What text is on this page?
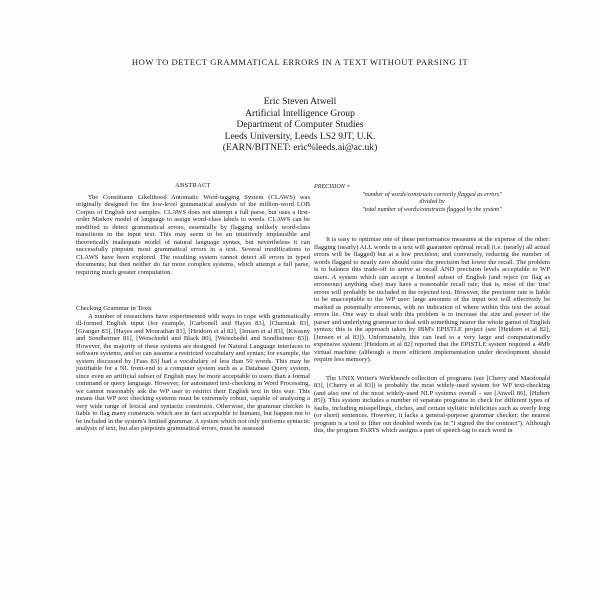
HOW TO DETECT GRAMMATICAL ERRORS IN A TEXT WITHOUT PARSING IT
Eric Steven Atwell
Artificial Intelligence Group
Department of Computer Studies
Leeds University, Leeds LS2 9JT, U.K.
(EARN/BITNET: eric%leeds.ai@ac.uk)
ABSTRACT

The Constituent Likelihood Automatic Word-tagging System (CLAWS) was originally designed for the low-level grammatical analysis of the million-word LOB Corpus of English text samples. CLAWS does not attempt a full parse, but uses a first-order Markov model of language to assign word-class labels to words. CLAWS can be modified to detect grammatical errors, essentially by flagging unlikely word-class transitions in the input text. This may seem to be an intuitively implausible and theoretically inadequate model of natural language syntax, but nevertheless it can successfully pinpoint most grammatical errors in a text. Several modifications to CLAWS have been explored. The resulting system cannot detect all errors in typed documents; but then neither do far more complex systems, which attempt a full parse, requiring much greater computation.

Checking Grammar in Texts

A number of researchers have experimented with ways to cope with grammatically ill-formed English input (for example, [Carbonell and Hayes 83], [Charniak 83], [Granger 83], [Hayes and Mouradian 81], [Heidorn et al 82], [Jensen et al 83], [Kwasny and Sondheimer 81], [Weischedel and Black 80], [Weischedel and Sondheimer 83]). However, the majority of these systems are designed for Natural Language interfaces to software systems, and so can assume a restricted vocabulary and syntax; for example, the system discussed by [Fass 83] had a vocabulary of less than 50 words. This may be justifiable for a NL front-end to a computer system such as a Database Query system, since even an artificial subset of English may be more acceptable to users than a formal command or query language. However, for automated text-checking in Word Processing, we cannot reasonably ask the WP user to restrict their English text in this way. This means that WP text checking systems must be extremely robust, capable of analysing a very wide range of lexical and syntactic constructs. Otherwise, the grammar checker is liable to flag many constructs which are in fact acceptable to humans, but happen not to be included in the system's limited grammar. A system which not only performs syntactic analysis of text, but also pinpoints grammatical errors, must be assessed

PRECISION =
"number of words/constructs correctly flagged as errors"
divided by
"total number of words/constructs flagged by the system"

It is easy to optimise one of these performance measures at the expense of the other: flagging (nearly) ALL words in a text will guarantee optimal recall (i.e. (nearly) all actual errors will be flagged) but at a low precision; and conversely, reducing the number of words flagged to nearly zero should raise the precision but lower the recall. The problem is to balance this trade-off to arrive at recall AND precision levels acceptable to WP users. A system which can accept a limited subset of English (and reject (or flag as erroneous) anything else) may have a reasonable recall rate; that is, most of the 'true' errors will probably be included in the rejected text. However, the precision rate is liable to be unacceptable to the WP user: large amounts of the input text will effectively be marked as potentially erroneous, with no indication of where within this text the actual errors lie. One way to deal with this problem is to increase the size and power of the parser and underlying grammar to deal with something nearer the whole gamut of English syntax; this is the approach taken by IBM's EPISTLE project (see [Heidorn et al 82], [Jensen et al 83]). Unfortunately, this can lead to a very large and computationally expensive system: [Heidorn et al 82] reported that the EPISTLE system required a 4Mb virtual machine (although a more efficient implementation under development should require less memory).

The UNIX Writer's Workbench collection of programs (see [Cherry and Macdonald 83], [Cherry et al 83]) is probably the most widely-used system for WP text-checking (and also one of the most widely-used NLP systems overall - see [Atwell 86], [Hubert 85]). This system includes a number of separate programs to check for different types of faults, including misspellings, cliches, and certain stylistic infelicities such as overly long (or short) sentences. However, it lacks a general-purpose grammar checker; the nearest program is a tool to filter out doubled words (as in "I signed the the contract"). Although this, the program PARTS which assigns a part of speech tag to each word in
